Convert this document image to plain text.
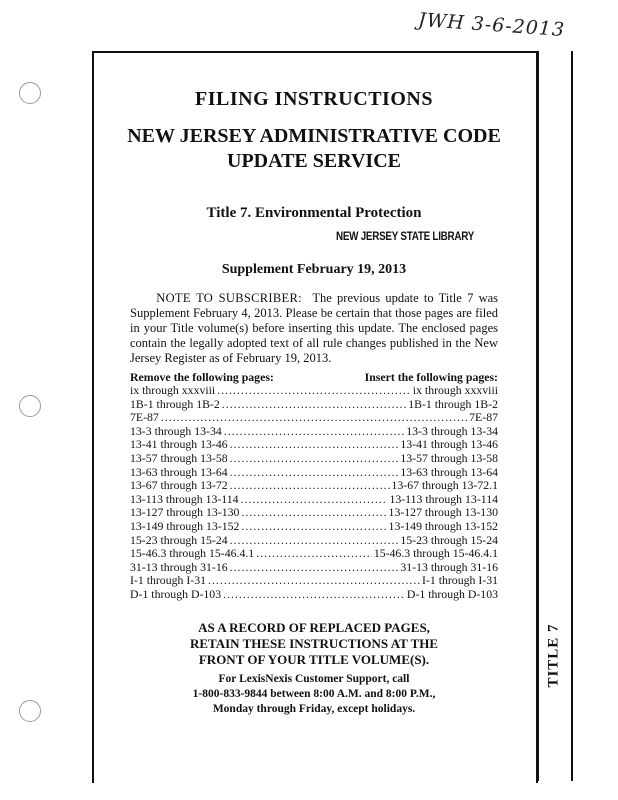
JWH 3-6-2013
TITLE 7
FILING INSTRUCTIONS
NEW JERSEY ADMINISTRATIVE CODE
UPDATE SERVICE
Title 7. Environmental Protection
NEW JERSEY STATE LIBRARY
Supplement February 19, 2013
NOTE TO SUBSCRIBER: The previous update to Title 7 was Supplement February 4, 2013. Please be certain that those pages are filed in your Title volume(s) before inserting this update. The enclosed pages contain the legally adopted text of all rule changes published in the New Jersey Register as of February 19, 2013.
Remove the following pages:	Insert the following pages:
ix through xxxviii .....	ix through xxxviii
1B-1 through 1B-2 .....	1B-1 through 1B-2
7E-87 .....	7E-87
13-3 through 13-34 .....	13-3 through 13-34
13-41 through 13-46 .....	13-41 through 13-46
13-57 through 13-58 .....	13-57 through 13-58
13-63 through 13-64 .....	13-63 through 13-64
13-67 through 13-72 .....	13-67 through 13-72.1
13-113 through 13-114 .....	13-113 through 13-114
13-127 through 13-130 .....	13-127 through 13-130
13-149 through 13-152 .....	13-149 through 13-152
15-23 through 15-24 .....	15-23 through 15-24
15-46.3 through 15-46.4.1 .....	15-46.3 through 15-46.4.1
31-13 through 31-16 .....	31-13 through 31-16
I-1 through I-31 .....	I-1 through I-31
D-1 through D-103 .....	D-1 through D-103
AS A RECORD OF REPLACED PAGES,
RETAIN THESE INSTRUCTIONS AT THE
FRONT OF YOUR TITLE VOLUME(S).
For LexisNexis Customer Support, call
1-800-833-9844 between 8:00 A.M. and 8:00 P.M.,
Monday through Friday, except holidays.
